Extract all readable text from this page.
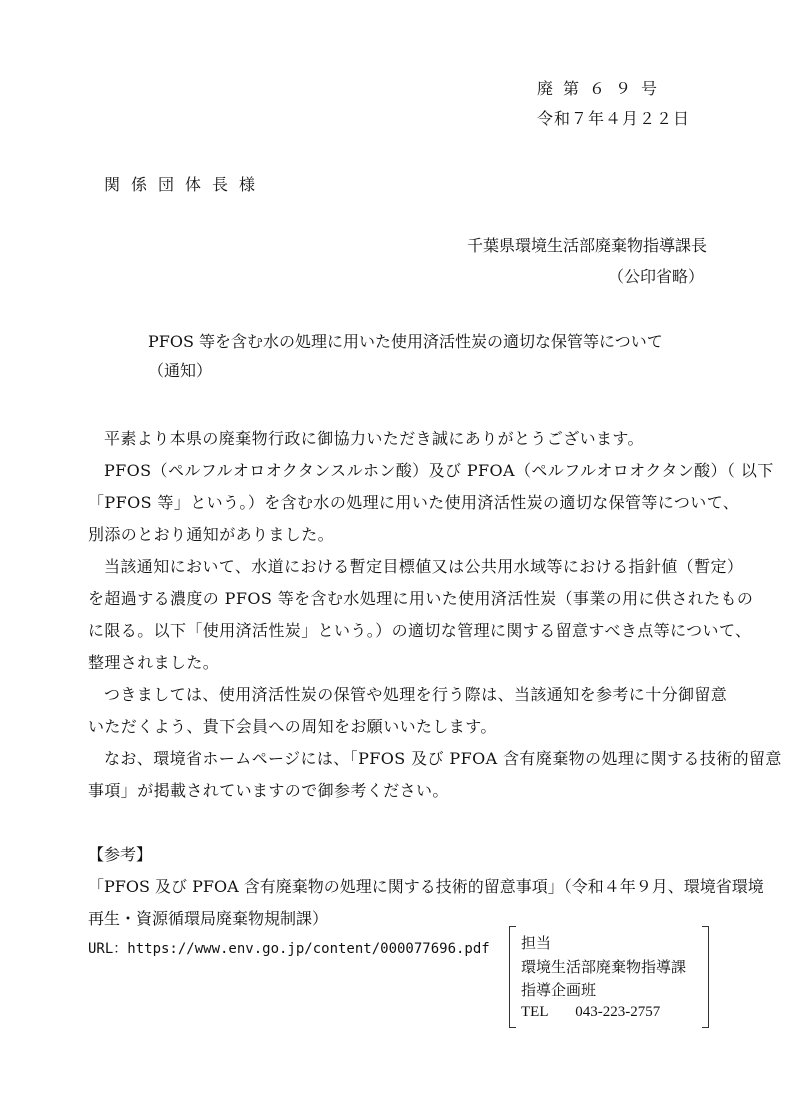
廃第６９号
令和７年４月２２日
関係団体長様
千葉県環境生活部廃棄物指導課長
（公印省略）
PFOS 等を含む水の処理に用いた使用済活性炭の適切な保管等について
（通知）
平素より本県の廃棄物行政に御協力いただき誠にありがとうございます。
PFOS（ペルフルオロオクタンスルホン酸）及び PFOA（ペルフルオロオクタン酸）（ 以下
「PFOS 等」という。）を含む水の処理に用いた使用済活性炭の適切な保管等について、
別添のとおり通知がありました。
当該通知において、水道における暫定目標値又は公共用水域等における指針値（暫定）
を超過する濃度の PFOS 等を含む水処理に用いた使用済活性炭（事業の用に供されたもの
に限る。以下「使用済活性炭」という。）の適切な管理に関する留意すべき点等について、
整理されました。
つきましては、使用済活性炭の保管や処理を行う際は、当該通知を参考に十分御留意
いただくよう、貴下会員への周知をお願いいたします。
なお、環境省ホームページには、「PFOS 及び PFOA 含有廃棄物の処理に関する技術的留意
事項」が掲載されていますので御参考ください。
【参考】
「PFOS 及び PFOA 含有廃棄物の処理に関する技術的留意事項」（令和４年９月、環境省環境
再生・資源循環局廃棄物規制課）
URL：https://www.env.go.jp/content/000077696.pdf 担当
環境生活部廃棄物指導課
指導企画班
TEL 043-223-2757
